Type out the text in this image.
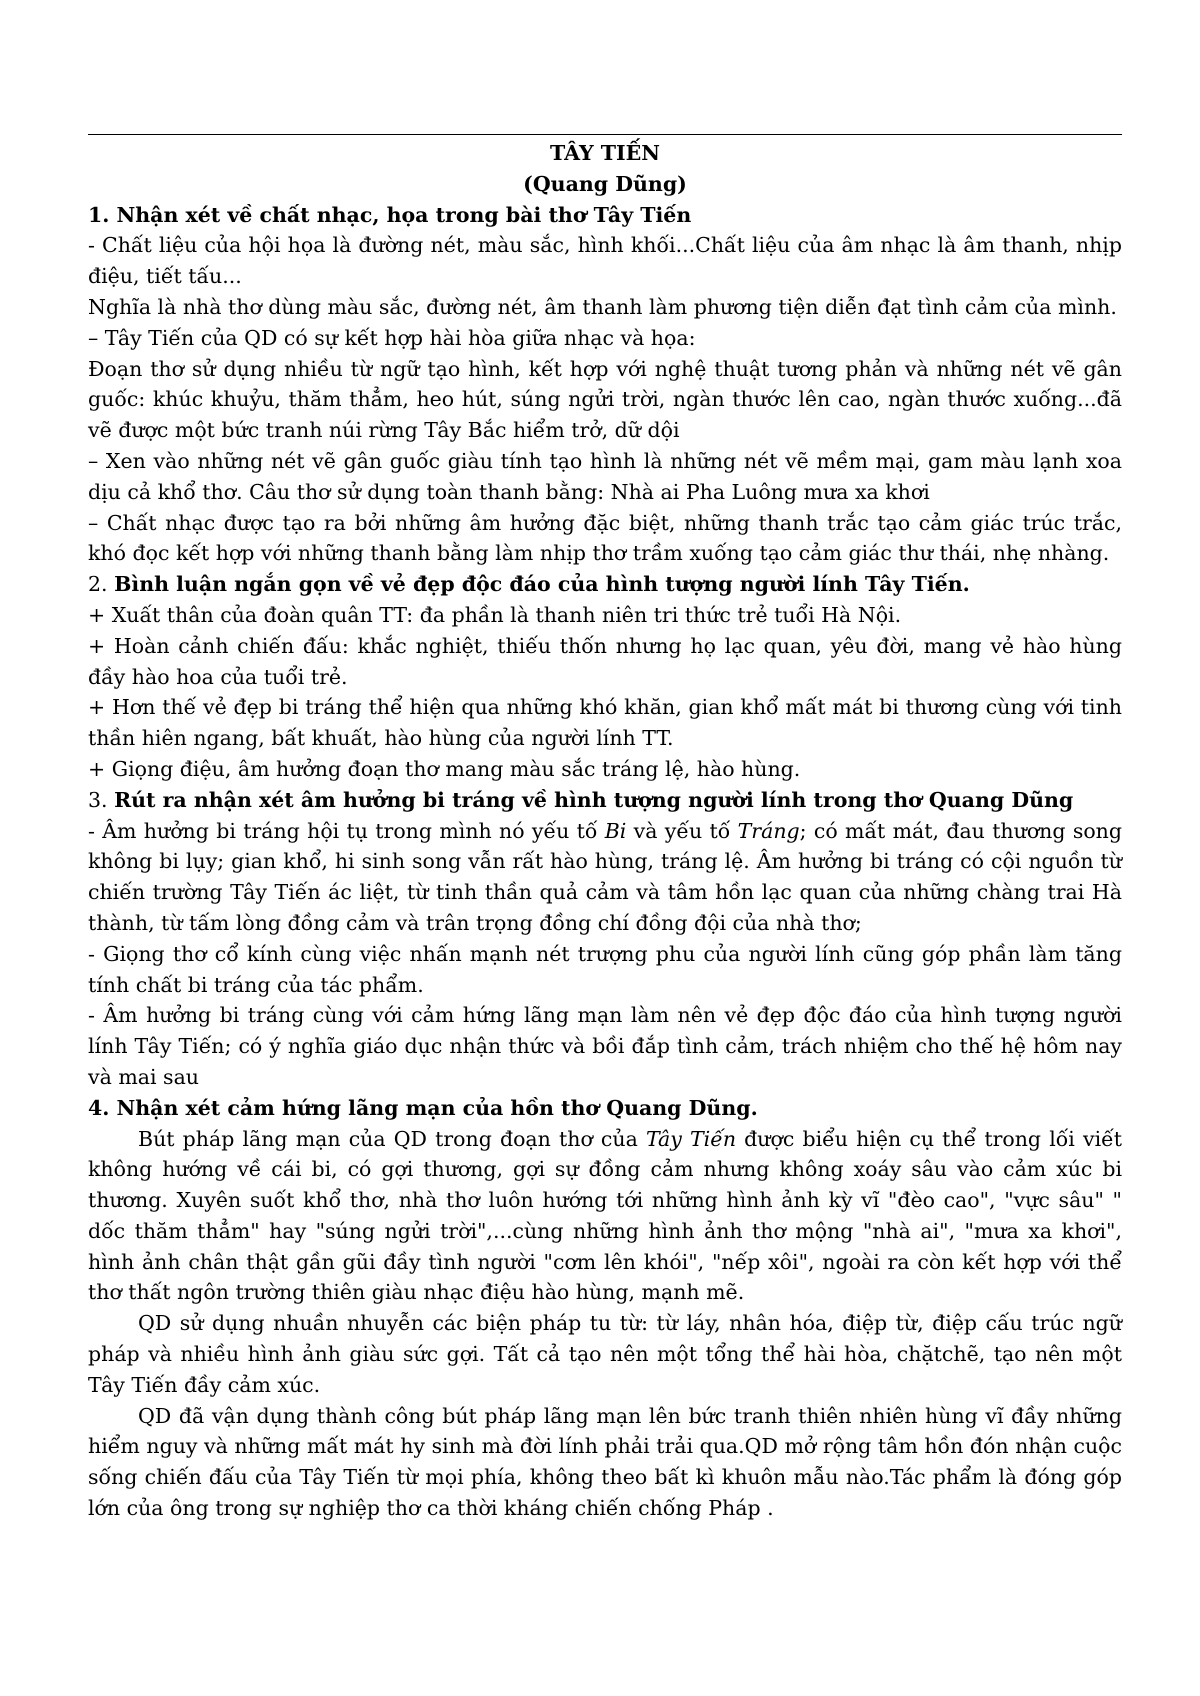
TÂY TIẾN

(Quang Dũng)

1. Nhận xét về chất nhạc, họa trong bài thơ Tây Tiến

- Chất liệu của hội họa là đường nét, màu sắc, hình khối...Chất liệu của âm nhạc là âm thanh, nhịp điệu, tiết tấu...

Nghĩa là nhà thơ dùng màu sắc, đường nét, âm thanh làm phương tiện diễn đạt tình cảm của mình.

– Tây Tiến của QD có sự kết hợp hài hòa giữa nhạc và họa:

Đoạn thơ sử dụng nhiều từ ngữ tạo hình, kết hợp với nghệ thuật tương phản và những nét vẽ gân guốc: khúc khuỷu, thăm thẳm, heo hút, súng ngửi trời, ngàn thước lên cao, ngàn thước xuống...đã vẽ được một bức tranh núi rừng Tây Bắc hiểm trở, dữ dội

– Xen vào những nét vẽ gân guốc giàu tính tạo hình là những nét vẽ mềm mại, gam màu lạnh xoa dịu cả khổ thơ. Câu thơ sử dụng toàn thanh bằng: Nhà ai Pha Luông mưa xa khơi

– Chất nhạc được tạo ra bởi những âm hưởng đặc biệt, những thanh trắc tạo cảm giác trúc trắc, khó đọc kết hợp với những thanh bằng làm nhịp thơ trầm xuống tạo cảm giác thư thái, nhẹ nhàng.

2. Bình luận ngắn gọn về vẻ đẹp độc đáo của hình tượng người lính Tây Tiến.

+ Xuất thân của đoàn quân TT: đa phần là thanh niên tri thức trẻ tuổi Hà Nội.

+ Hoàn cảnh chiến đấu: khắc nghiệt, thiếu thốn nhưng họ lạc quan, yêu đời, mang vẻ hào hùng đầy hào hoa của tuổi trẻ.

+ Hơn thế vẻ đẹp bi tráng thể hiện qua những khó khăn, gian khổ mất mát bi thương cùng với tinh thần hiên ngang, bất khuất, hào hùng của người lính TT.

+ Giọng điệu, âm hưởng đoạn thơ mang màu sắc tráng lệ, hào hùng.

3. Rút ra nhận xét âm hưởng bi tráng về hình tượng người lính trong thơ Quang Dũng

- Âm hưởng bi tráng hội tụ trong mình nó yếu tố Bi và yếu tố Tráng; có mất mát, đau thương song không bi lụy; gian khổ, hi sinh song vẫn rất hào hùng, tráng lệ. Âm hưởng bi tráng có cội nguồn từ chiến trường Tây Tiến ác liệt, từ tinh thần quả cảm và tâm hồn lạc quan của những chàng trai Hà thành, từ tấm lòng đồng cảm và trân trọng đồng chí đồng đội của nhà thơ;

- Giọng thơ cổ kính cùng việc nhấn mạnh nét trượng phu của người lính cũng góp phần làm tăng tính chất bi tráng của tác phẩm.

- Âm hưởng bi tráng cùng với cảm hứng lãng mạn làm nên vẻ đẹp độc đáo của hình tượng người lính Tây Tiến; có ý nghĩa giáo dục nhận thức và bồi đắp tình cảm, trách nhiệm cho thế hệ hôm nay và mai sau

4. Nhận xét cảm hứng lãng mạn của hồn thơ Quang Dũng.

Bút pháp lãng mạn của QD trong đoạn thơ của Tây Tiến được biểu hiện cụ thể trong lối viết không hướng về cái bi, có gợi thương, gợi sự đồng cảm nhưng không xoáy sâu vào cảm xúc bi thương. Xuyên suốt khổ thơ, nhà thơ luôn hướng tới những hình ảnh kỳ vĩ "đèo cao", "vực sâu" " dốc thăm thẳm" hay "súng ngửi trời",...cùng những hình ảnh thơ mộng "nhà ai", "mưa xa khơi", hình ảnh chân thật gần gũi đầy tình người "cơm lên khói", "nếp xôi", ngoài ra còn kết hợp với thể thơ thất ngôn trường thiên giàu nhạc điệu hào hùng, mạnh mẽ.

QD sử dụng nhuần nhuyễn các biện pháp tu từ: từ láy, nhân hóa, điệp từ, điệp cấu trúc ngữ pháp và nhiều hình ảnh giàu sức gợi. Tất cả tạo nên một tổng thể hài hòa, chặtchẽ, tạo nên một Tây Tiến đầy cảm xúc.

QD đã vận dụng thành công bút pháp lãng mạn lên bức tranh thiên nhiên hùng vĩ đầy những hiểm nguy và những mất mát hy sinh mà đời lính phải trải qua.QD mở rộng tâm hồn đón nhận cuộc sống chiến đấu của Tây Tiến từ mọi phía, không theo bất kì khuôn mẫu nào.Tác phẩm là đóng góp lớn của ông trong sự nghiệp thơ ca thời kháng chiến chống Pháp .
